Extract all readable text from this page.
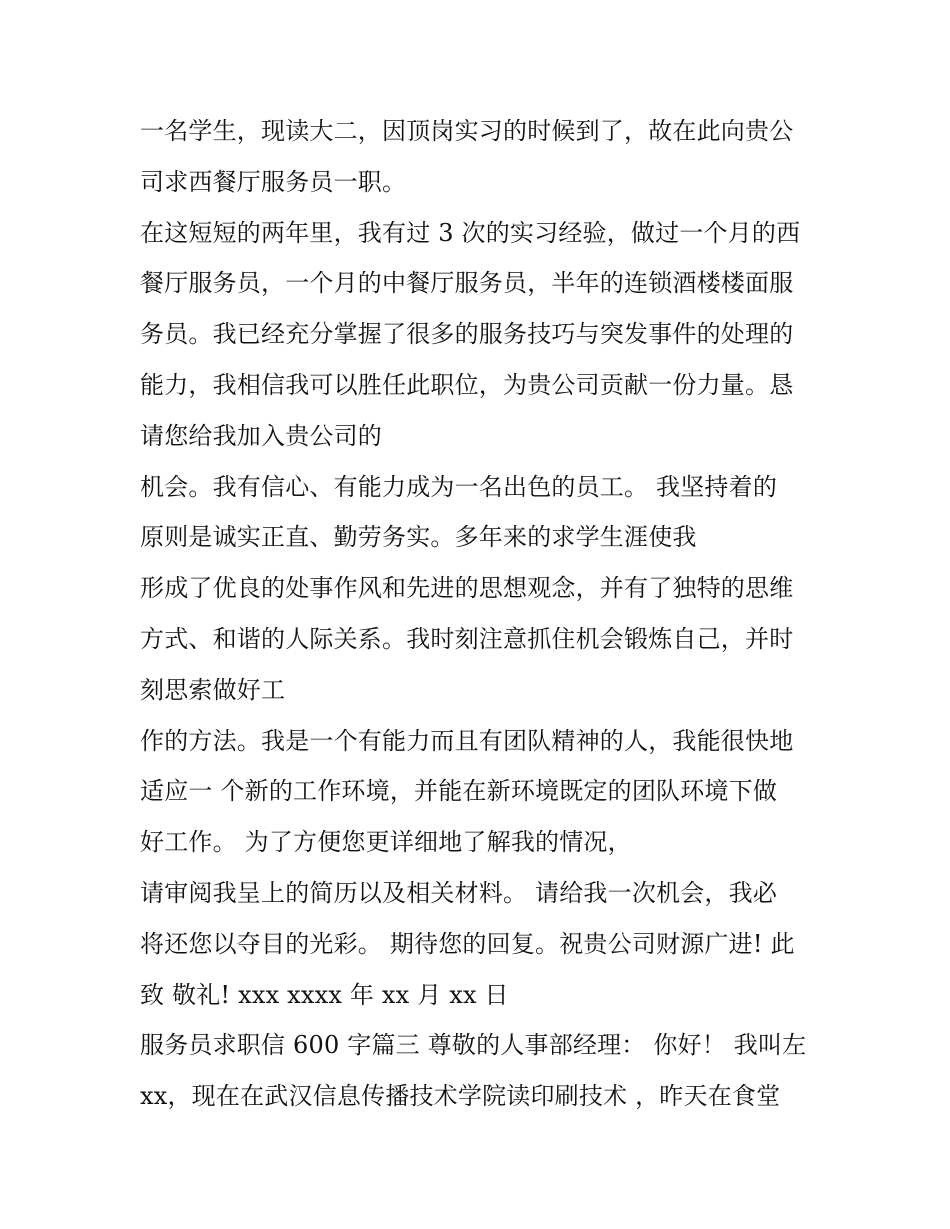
一名学生，现读大二，因顶岗实习的时候到了，故在此向贵公
司求西餐厅服务员一职。
在这短短的两年里，我有过 3 次的实习经验，做过一个月的西
餐厅服务员，一个月的中餐厅服务员，半年的连锁酒楼楼面服
务员。我已经充分掌握了很多的服务技巧与突发事件的处理的
能力，我相信我可以胜任此职位，为贵公司贡献一份力量。恳
请您给我加入贵公司的
机会。我有信心、有能力成为一名出色的员工。 我坚持着的
原则是诚实正直、勤劳务实。多年来的求学生涯使我
形成了优良的处事作风和先进的思想观念，并有了独特的思维
方式、和谐的人际关系。我时刻注意抓住机会锻炼自己，并时
刻思索做好工
作的方法。我是一个有能力而且有团队精神的人，我能很快地
适应一 个新的工作环境，并能在新环境既定的团队环境下做
好工作。 为了方便您更详细地了解我的情况，
请审阅我呈上的简历以及相关材料。 请给我一次机会，我必
将还您以夺目的光彩。 期待您的回复。祝贵公司财源广进! 此
致 敬礼! xxx xxxx 年 xx 月 xx 日
服务员求职信 600 字篇三 尊敬的人事部经理： 你好！ 我叫左
xx，现在在武汉信息传播技术学院读印刷技术 ，昨天在食堂
